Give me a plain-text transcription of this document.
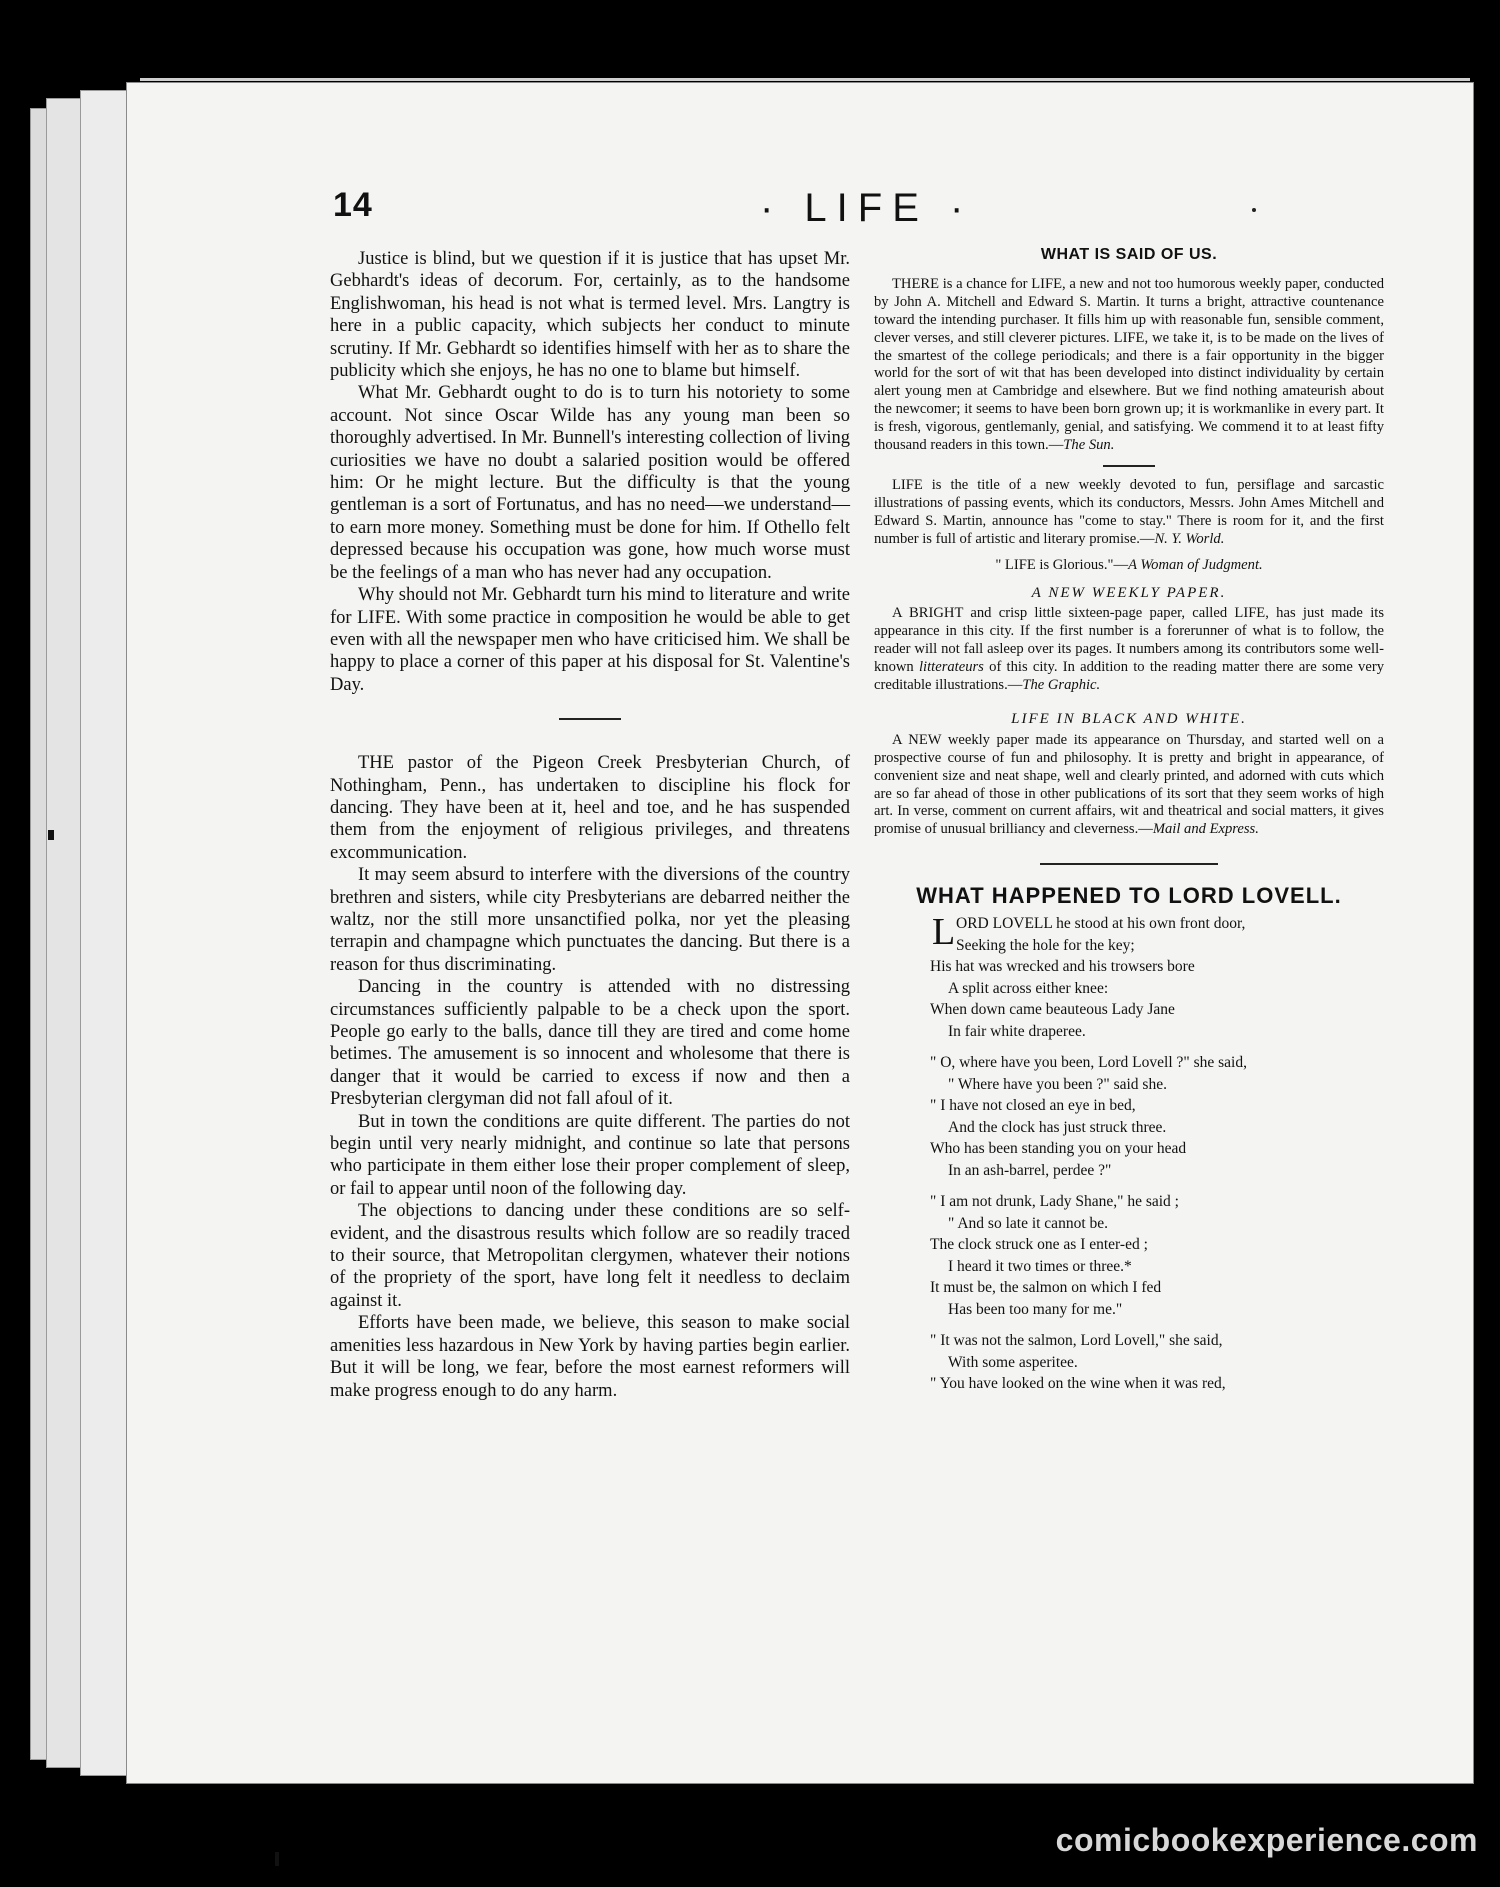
14	· LIFE ·

Justice is blind, but we question if it is justice that has upset Mr. Gebhardt's ideas of decorum. For, certainly, as to the handsome Englishwoman, his head is not what is termed level. Mrs. Langtry is here in a public capacity, which subjects her conduct to minute scrutiny. If Mr. Gebhardt so identifies himself with her as to share the publicity which she enjoys, he has no one to blame but himself.

What Mr. Gebhardt ought to do is to turn his notoriety to some account. Not since Oscar Wilde has any young man been so thoroughly advertised. In Mr. Bunnell's interesting collection of living curiosities we have no doubt a salaried position would be offered him: Or he might lecture. But the difficulty is that the young gentleman is a sort of Fortunatus, and has no need—we understand—to earn more money. Something must be done for him. If Othello felt depressed because his occupation was gone, how much worse must be the feelings of a man who has never had any occupation.

Why should not Mr. Gebhardt turn his mind to literature and write for LIFE. With some practice in composition he would be able to get even with all the newspaper men who have criticised him. We shall be happy to place a corner of this paper at his disposal for St. Valentine's Day.

THE pastor of the Pigeon Creek Presbyterian Church, of Nothingham, Penn., has undertaken to discipline his flock for dancing. They have been at it, heel and toe, and he has suspended them from the enjoyment of religious privileges, and threatens excommunication.

It may seem absurd to interfere with the diversions of the country brethren and sisters, while city Presbyterians are debarred neither the waltz, nor the still more unsanctified polka, nor yet the pleasing terrapin and champagne which punctuates the dancing. But there is a reason for thus discriminating.

Dancing in the country is attended with no distressing circumstances sufficiently palpable to be a check upon the sport. People go early to the balls, dance till they are tired and come home betimes. The amusement is so innocent and wholesome that there is danger that it would be carried to excess if now and then a Presbyterian clergyman did not fall afoul of it.

But in town the conditions are quite different. The parties do not begin until very nearly midnight, and continue so late that persons who participate in them either lose their proper complement of sleep, or fail to appear until noon of the following day.

The objections to dancing under these conditions are so self-evident, and the disastrous results which follow are so readily traced to their source, that Metropolitan clergymen, whatever their notions of the propriety of the sport, have long felt it needless to declaim against it.

Efforts have been made, we believe, this season to make social amenities less hazardous in New York by having parties begin earlier. But it will be long, we fear, before the most earnest reformers will make progress enough to do any harm.

WHAT IS SAID OF US.

THERE is a chance for LIFE, a new and not too humorous weekly paper, conducted by John A. Mitchell and Edward S. Martin. It turns a bright, attractive countenance toward the intending purchaser. It fills him up with reasonable fun, sensible comment, clever verses, and still cleverer pictures. LIFE, we take it, is to be made on the lives of the smartest of the college periodicals; and there is a fair opportunity in the bigger world for the sort of wit that has been developed into distinct individuality by certain alert young men at Cambridge and elsewhere. But we find nothing amateurish about the newcomer; it seems to have been born grown up; it is workmanlike in every part. It is fresh, vigorous, gentlemanly, genial, and satisfying. We commend it to at least fifty thousand readers in this town.—The Sun.

LIFE is the title of a new weekly devoted to fun, persiflage and sarcastic illustrations of passing events, which its conductors, Messrs. John Ames Mitchell and Edward S. Martin, announce has "come to stay." There is room for it, and the first number is full of artistic and literary promise.—N. Y. World.

" LIFE is Glorious."—A Woman of Judgment.
A NEW WEEKLY PAPER.

A BRIGHT and crisp little sixteen-page paper, called LIFE, has just made its appearance in this city. If the first number is a forerunner of what is to follow, the reader will not fall asleep over its pages. It numbers among its contributors some well-known litterateurs of this city. In addition to the reading matter there are some very creditable illustrations.—The Graphic.

LIFE IN BLACK AND WHITE.

A NEW weekly paper made its appearance on Thursday, and started well on a prospective course of fun and philosophy. It is pretty and bright in appearance, of convenient size and neat shape, well and clearly printed, and adorned with cuts which are so far ahead of those in other publications of its sort that they seem works of high art. In verse, comment on current affairs, wit and theatrical and social matters, it gives promise of unusual brilliancy and cleverness.—Mail and Express.

WHAT HAPPENED TO LORD LOVELL.
L ORD LOVELL he stood at his own front door,
Seeking the hole for the key;
His hat was wrecked and his trowsers bore
A split across either knee:
When down came beauteous Lady Jane
In fair white draperee.
" O, where have you been, Lord Lovell ?" she said,
" Where have you been ?" said she.
" I have not closed an eye in bed,
And the clock has just struck three.
Who has been standing you on your head
In an ash-barrel, perdee ?"
" I am not drunk, Lady Shane," he said ;
" And so late it cannot be.
The clock struck one as I enter-ed ;
I heard it two times or three.*
It must be, the salmon on which I fed
Has been too many for me."
" It was not the salmon, Lord Lovell," she said,
With some asperitee.
" You have looked on the wine when it was red,
comicbookexperience.com
